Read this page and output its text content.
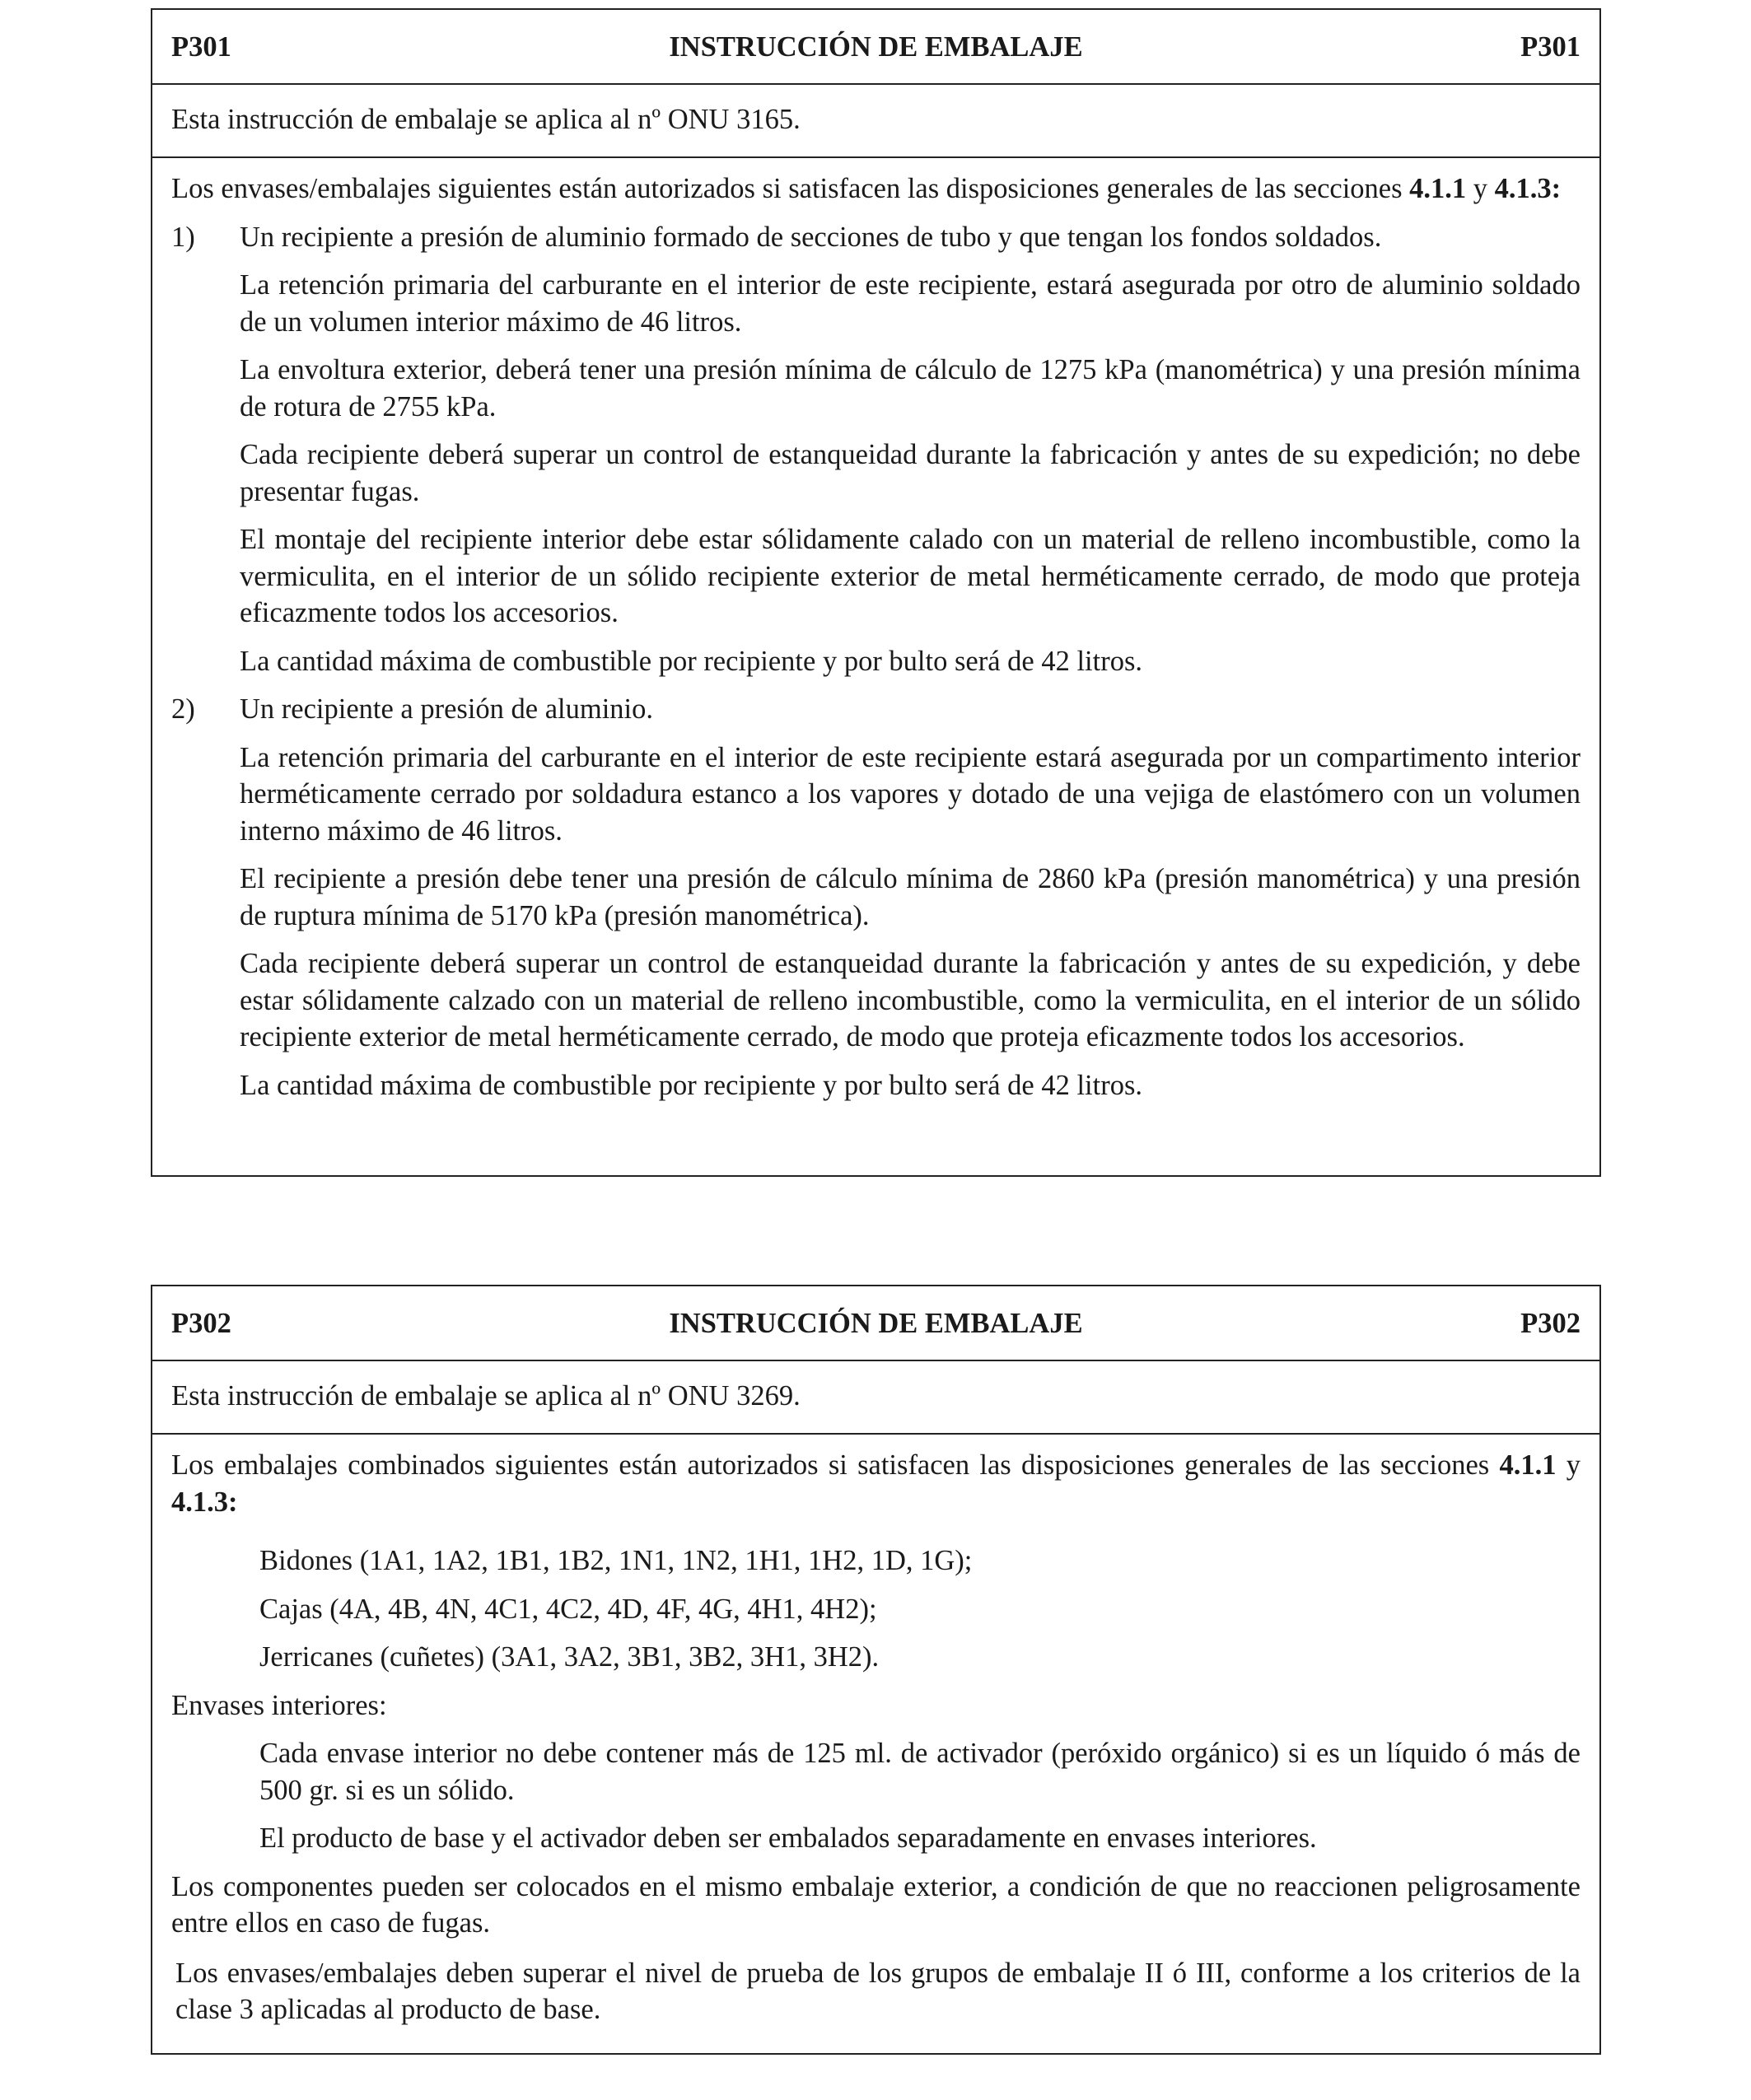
P301	INSTRUCCIÓN DE EMBALAJE	P301
Esta instrucción de embalaje se aplica al nº ONU 3165.

Los envases/embalajes siguientes están autorizados si satisfacen las disposiciones generales de las secciones 4.1.1 y 4.1.3:

1) Un recipiente a presión de aluminio formado de secciones de tubo y que tengan los fondos soldados.

La retención primaria del carburante en el interior de este recipiente, estará asegurada por otro de aluminio soldado de un volumen interior máximo de 46 litros.

La envoltura exterior, deberá tener una presión mínima de cálculo de 1275 kPa (manométrica) y una presión mínima de rotura de 2755 kPa.

Cada recipiente deberá superar un control de estanqueidad durante la fabricación y antes de su expedición; no debe presentar fugas.

El montaje del recipiente interior debe estar sólidamente calado con un material de relleno incombustible, como la vermiculita, en el interior de un sólido recipiente exterior de metal herméticamente cerrado, de modo que proteja eficazmente todos los accesorios.

La cantidad máxima de combustible por recipiente y por bulto será de 42 litros.

2) Un recipiente a presión de aluminio.

La retención primaria del carburante en el interior de este recipiente estará asegurada por un compartimento interior herméticamente cerrado por soldadura estanco a los vapores y dotado de una vejiga de elastómero con un volumen interno máximo de 46 litros.

El recipiente a presión debe tener una presión de cálculo mínima de 2860 kPa (presión manométrica) y una presión de ruptura mínima de 5170 kPa (presión manométrica).

Cada recipiente deberá superar un control de estanqueidad durante la fabricación y antes de su expedición, y debe estar sólidamente calzado con un material de relleno incombustible, como la vermiculita, en el interior de un sólido recipiente exterior de metal herméticamente cerrado, de modo que proteja eficazmente todos los accesorios.

La cantidad máxima de combustible por recipiente y por bulto será de 42 litros.

P302	INSTRUCCIÓN DE EMBALAJE	P302
Esta instrucción de embalaje se aplica al nº ONU 3269.

Los embalajes combinados siguientes están autorizados si satisfacen las disposiciones generales de las secciones 4.1.1 y 4.1.3:

Bidones (1A1, 1A2, 1B1, 1B2, 1N1, 1N2, 1H1, 1H2, 1D, 1G);

Cajas (4A, 4B, 4N, 4C1, 4C2, 4D, 4F, 4G, 4H1, 4H2);

Jerricanes (cuñetes) (3A1, 3A2, 3B1, 3B2, 3H1, 3H2).

Envases interiores:

Cada envase interior no debe contener más de 125 ml. de activador (peróxido orgánico) si es un líquido ó más de 500 gr. si es un sólido.

El producto de base y el activador deben ser embalados separadamente en envases interiores.

Los componentes pueden ser colocados en el mismo embalaje exterior, a condición de que no reaccionen peligrosamente entre ellos en caso de fugas.

Los envases/embalajes deben superar el nivel de prueba de los grupos de embalaje II ó III, conforme a los criterios de la clase 3 aplicadas al producto de base.
